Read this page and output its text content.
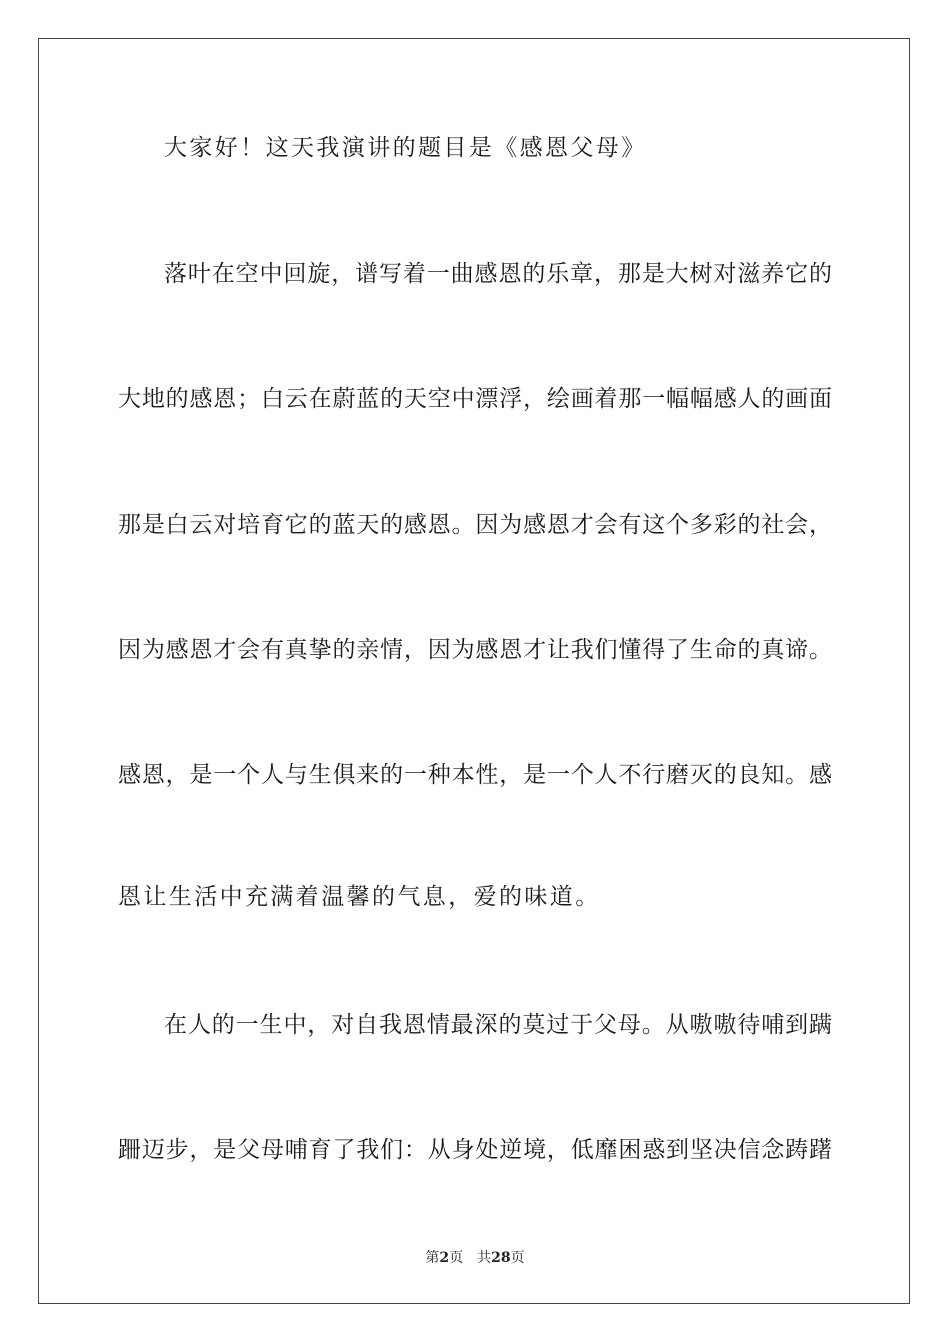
大家好！这天我演讲的题目是《感恩父母》
落叶在空中回旋，谱写着一曲感恩的乐章，那是大树对滋养它的
大地的感恩；白云在蔚蓝的天空中漂浮，绘画着那一幅幅感人的画面
那是白云对培育它的蓝天的感恩。因为感恩才会有这个多彩的社会，
因为感恩才会有真挚的亲情，因为感恩才让我们懂得了生命的真谛。
感恩，是一个人与生俱来的一种本性，是一个人不行磨灭的良知。感
恩让生活中充满着温馨的气息，爱的味道。
在人的一生中，对自我恩情最深的莫过于父母。从嗷嗷待哺到蹒
跚迈步，是父母哺育了我们：从身处逆境，低靡困惑到坚决信念踌躇
第2页 共28页
